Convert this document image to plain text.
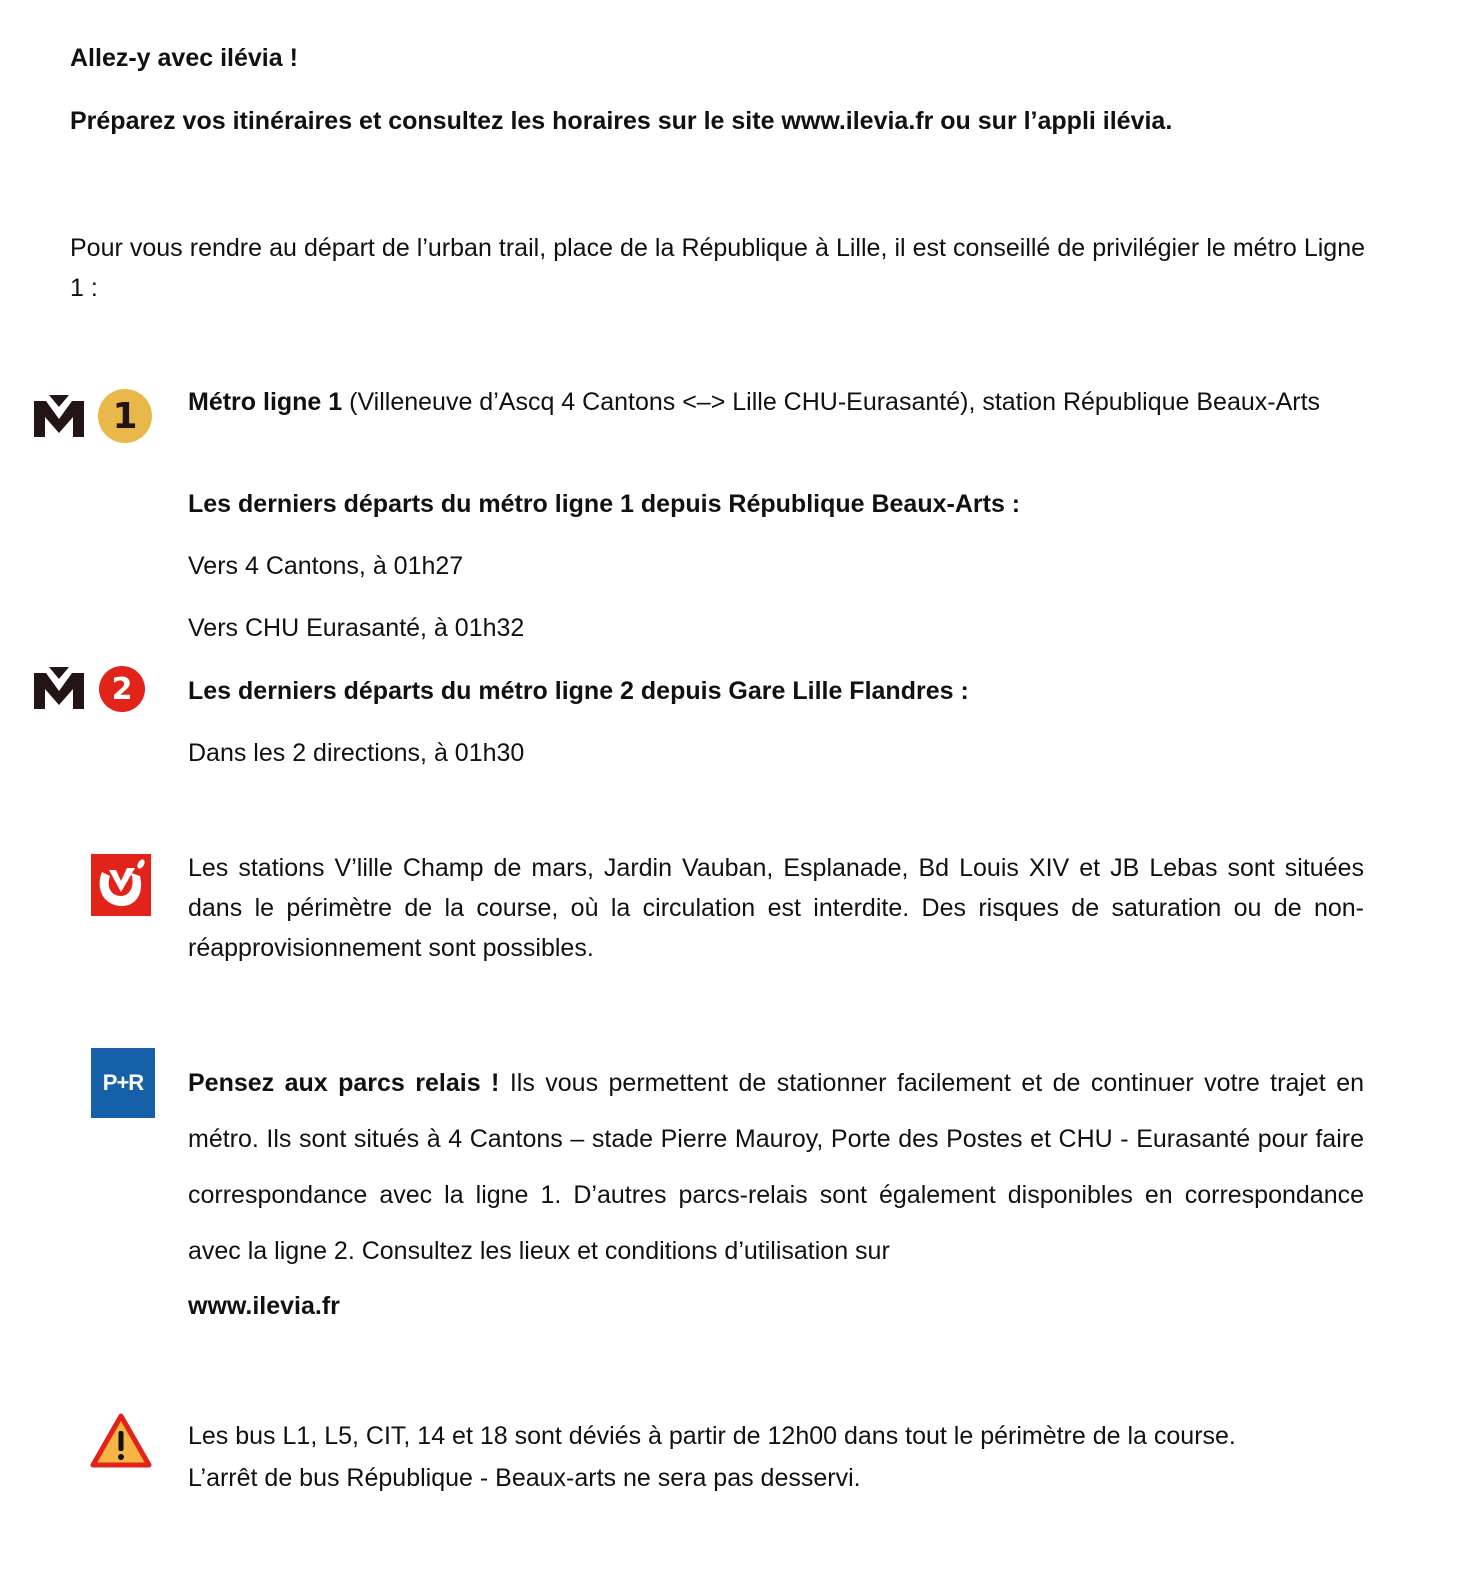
Allez-y avec ilévia !

Préparez vos itinéraires et consultez les horaires sur le site www.ilevia.fr ou sur l’appli ilévia.

Pour vous rendre au départ de l’urban trail, place de la République à Lille, il est conseillé de privilégier le métro Ligne 1 :

1	Métro ligne 1 (Villeneuve d’Ascq 4 Cantons <–> Lille CHU-Eurasanté), station République Beaux-Arts

Les derniers départs du métro ligne 1 depuis République Beaux-Arts :

Vers 4 Cantons, à 01h27

Vers CHU Eurasanté, à 01h32

2	Les derniers départs du métro ligne 2 depuis Gare Lille Flandres :

Dans les 2 directions, à 01h30

Les stations V’lille Champ de mars, Jardin Vauban, Esplanade, Bd Louis XIV et JB Lebas sont situées dans le périmètre de la course, où la circulation est interdite. Des risques de saturation ou de non-réapprovisionnement sont possibles.

P+R	Pensez aux parcs relais ! Ils vous permettent de stationner facilement et de continuer votre trajet en métro. Ils sont situés à 4 Cantons – stade Pierre Mauroy, Porte des Postes et CHU - Eurasanté pour faire correspondance avec la ligne 1. D’autres parcs-relais sont également disponibles en correspondance avec la ligne 2. Consultez les lieux et conditions d’utilisation sur

www.ilevia.fr

Les bus L1, L5, CIT, 14 et 18 sont déviés à partir de 12h00 dans tout le périmètre de la course.

L’arrêt de bus République - Beaux-arts ne sera pas desservi.
